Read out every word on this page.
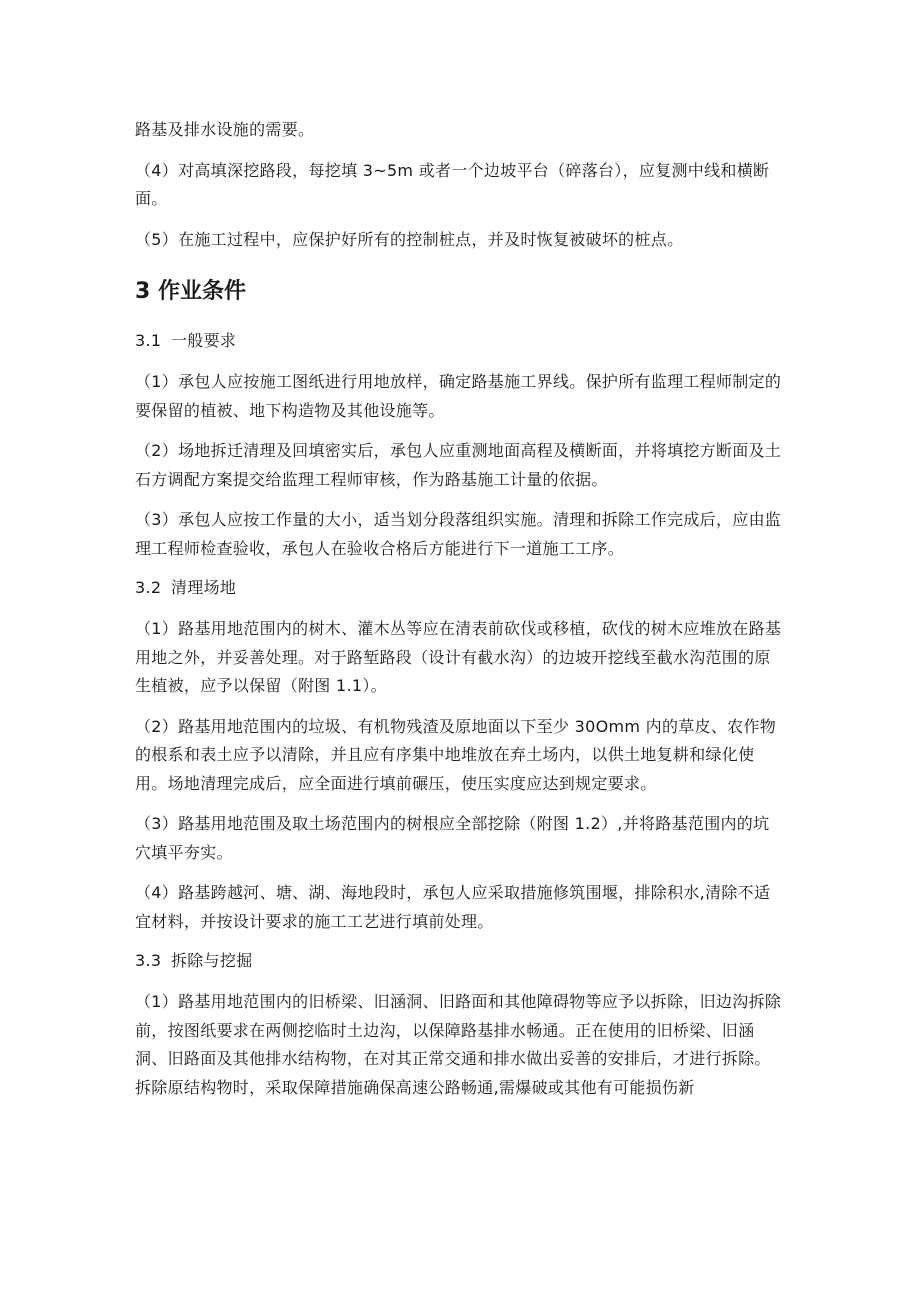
路基及排水设施的需要。

（4）对高填深挖路段，每挖填 3~5m 或者一个边坡平台（碎落台），应复测中线和横断面。

（5）在施工过程中，应保护好所有的控制桩点，并及时恢复被破坏的桩点。

3 作业条件

3.1 一般要求

（1）承包人应按施工图纸进行用地放样，确定路基施工界线。保护所有监理工程师制定的要保留的植被、地下构造物及其他设施等。

（2）场地拆迁清理及回填密实后，承包人应重测地面高程及横断面，并将填挖方断面及土石方调配方案提交给监理工程师审核，作为路基施工计量的依据。

（3）承包人应按工作量的大小，适当划分段落组织实施。清理和拆除工作完成后，应由监理工程师检查验收，承包人在验收合格后方能进行下一道施工工序。

3.2 清理场地

（1）路基用地范围内的树木、灌木丛等应在清表前砍伐或移植，砍伐的树木应堆放在路基用地之外，并妥善处理。对于路堑路段（设计有截水沟）的边坡开挖线至截水沟范围的原生植被，应予以保留（附图 1.1）。

（2）路基用地范围内的垃圾、有机物残渣及原地面以下至少 30Omm 内的草皮、农作物的根系和表土应予以清除，并且应有序集中地堆放在弃土场内，以供土地复耕和绿化使用。场地清理完成后，应全面进行填前碾压，使压实度应达到规定要求。

（3）路基用地范围及取土场范围内的树根应全部挖除（附图 1.2）,并将路基范围内的坑穴填平夯实。

（4）路基跨越河、塘、湖、海地段时，承包人应采取措施修筑围堰，排除积水,清除不适宜材料，并按设计要求的施工工艺进行填前处理。

3.3 拆除与挖掘

（1）路基用地范围内的旧桥梁、旧涵洞、旧路面和其他障碍物等应予以拆除，旧边沟拆除前，按图纸要求在两侧挖临时土边沟，以保障路基排水畅通。正在使用的旧桥梁、旧涵洞、旧路面及其他排水结构物，在对其正常交通和排水做出妥善的安排后，才进行拆除。拆除原结构物时，采取保障措施确保高速公路畅通,需爆破或其他有可能损伤新
